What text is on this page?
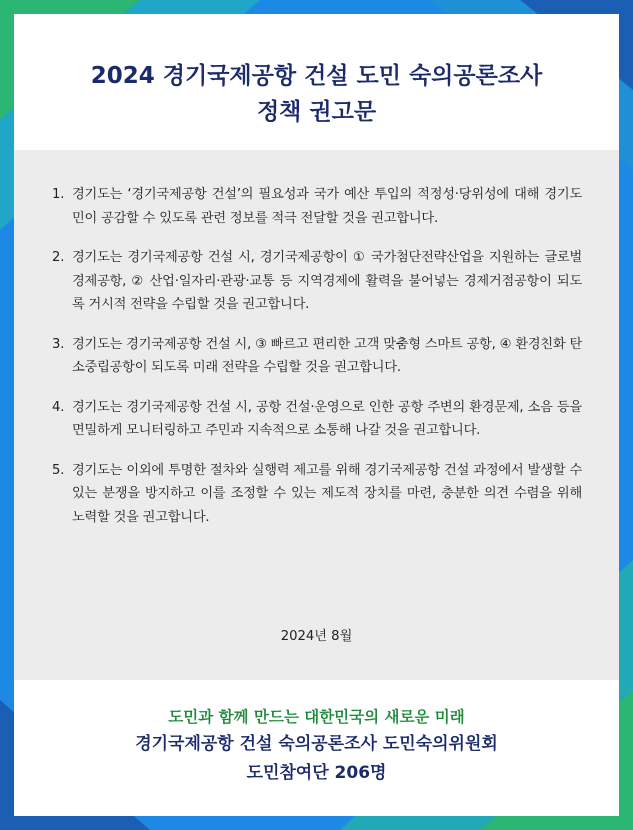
2024 경기국제공항 건설 도민 숙의공론조사
정책 권고문
1. 경기도는 ‘경기국제공항 건설’의 필요성과 국가 예산 투입의 적정성·당위성에 대해 경기도민이 공감할 수 있도록 관련 정보를 적극 전달할 것을 권고합니다.
2. 경기도는 경기국제공항 건설 시, 경기국제공항이 ① 국가첨단전략산업을 지원하는 글로벌 경제공항, ② 산업·일자리·관광·교통 등 지역경제에 활력을 불어넣는 경제거점공항이 되도록 거시적 전략을 수립할 것을 권고합니다.
3. 경기도는 경기국제공항 건설 시, ③ 빠르고 편리한 고객 맞춤형 스마트 공항, ④ 환경친화 탄소중립공항이 되도록 미래 전략을 수립할 것을 권고합니다.
4. 경기도는 경기국제공항 건설 시, 공항 건설·운영으로 인한 공항 주변의 환경문제, 소음 등을 면밀하게 모니터링하고 주민과 지속적으로 소통해 나갈 것을 권고합니다.
5. 경기도는 이외에 투명한 절차와 실행력 제고를 위해 경기국제공항 건설 과정에서 발생할 수 있는 분쟁을 방지하고 이를 조정할 수 있는 제도적 장치를 마련, 충분한 의견 수렴을 위해 노력할 것을 권고합니다.
2024년 8월
도민과 함께 만드는 대한민국의 새로운 미래
경기국제공항 건설 숙의공론조사 도민숙의위원회
도민참여단 206명
